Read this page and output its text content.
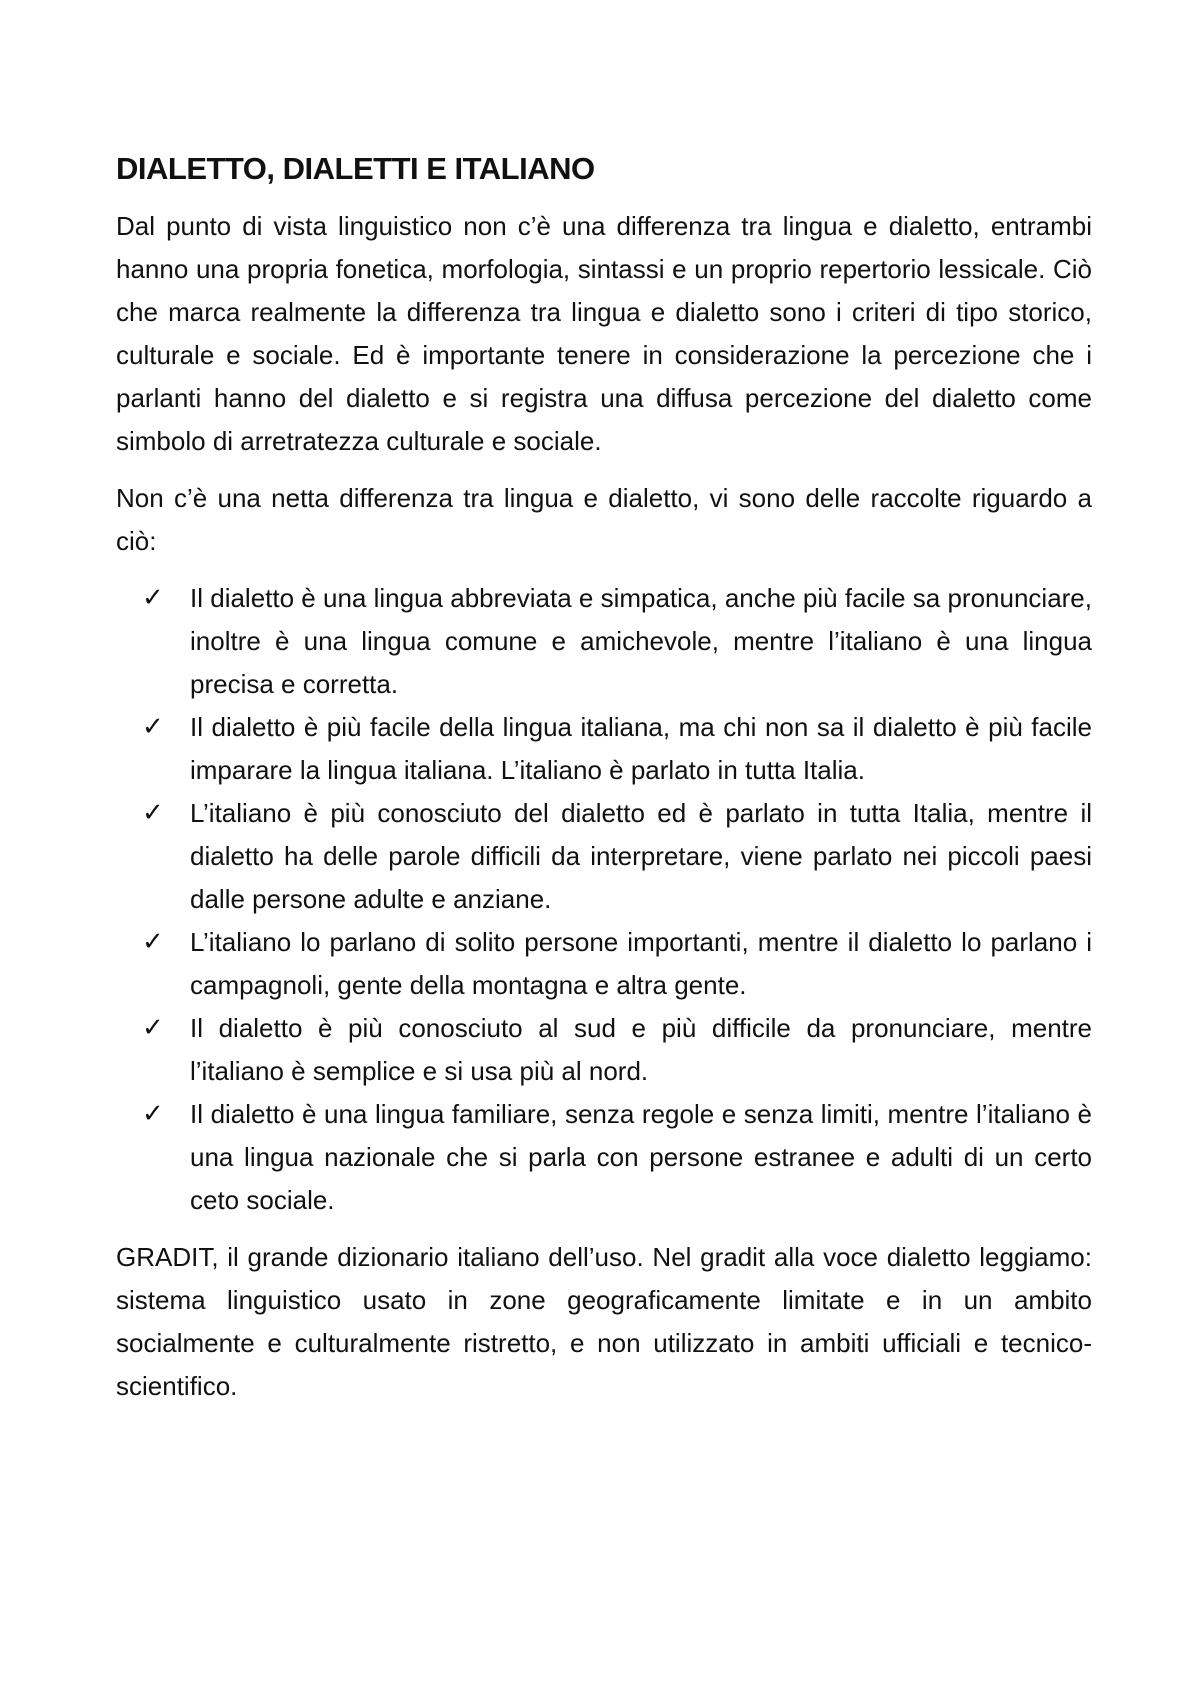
DIALETTO, DIALETTI E ITALIANO

Dal punto di vista linguistico non c’è una differenza tra lingua e dialetto, entrambi hanno una propria fonetica, morfologia, sintassi e un proprio repertorio lessicale. Ciò che marca realmente la differenza tra lingua e dialetto sono i criteri di tipo storico, culturale e sociale. Ed è importante tenere in considerazione la percezione che i parlanti hanno del dialetto e si registra una diffusa percezione del dialetto come simbolo di arretratezza culturale e sociale.

Non c’è una netta differenza tra lingua e dialetto, vi sono delle raccolte riguardo a ciò:

✓ Il dialetto è una lingua abbreviata e simpatica, anche più facile sa pronunciare, inoltre è una lingua comune e amichevole, mentre l’italiano è una lingua precisa e corretta.
✓ Il dialetto è più facile della lingua italiana, ma chi non sa il dialetto è più facile imparare la lingua italiana. L’italiano è parlato in tutta Italia.
✓ L’italiano è più conosciuto del dialetto ed è parlato in tutta Italia, mentre il dialetto ha delle parole difficili da interpretare, viene parlato nei piccoli paesi dalle persone adulte e anziane.
✓ L’italiano lo parlano di solito persone importanti, mentre il dialetto lo parlano i campagnoli, gente della montagna e altra gente.
✓ Il dialetto è più conosciuto al sud e più difficile da pronunciare, mentre l’italiano è semplice e si usa più al nord.
✓ Il dialetto è una lingua familiare, senza regole e senza limiti, mentre l’italiano è una lingua nazionale che si parla con persone estranee e adulti di un certo ceto sociale.

GRADIT, il grande dizionario italiano dell’uso. Nel gradit alla voce dialetto leggiamo: sistema linguistico usato in zone geograficamente limitate e in un ambito socialmente e culturalmente ristretto, e non utilizzato in ambiti ufficiali e tecnico-scientifico.
